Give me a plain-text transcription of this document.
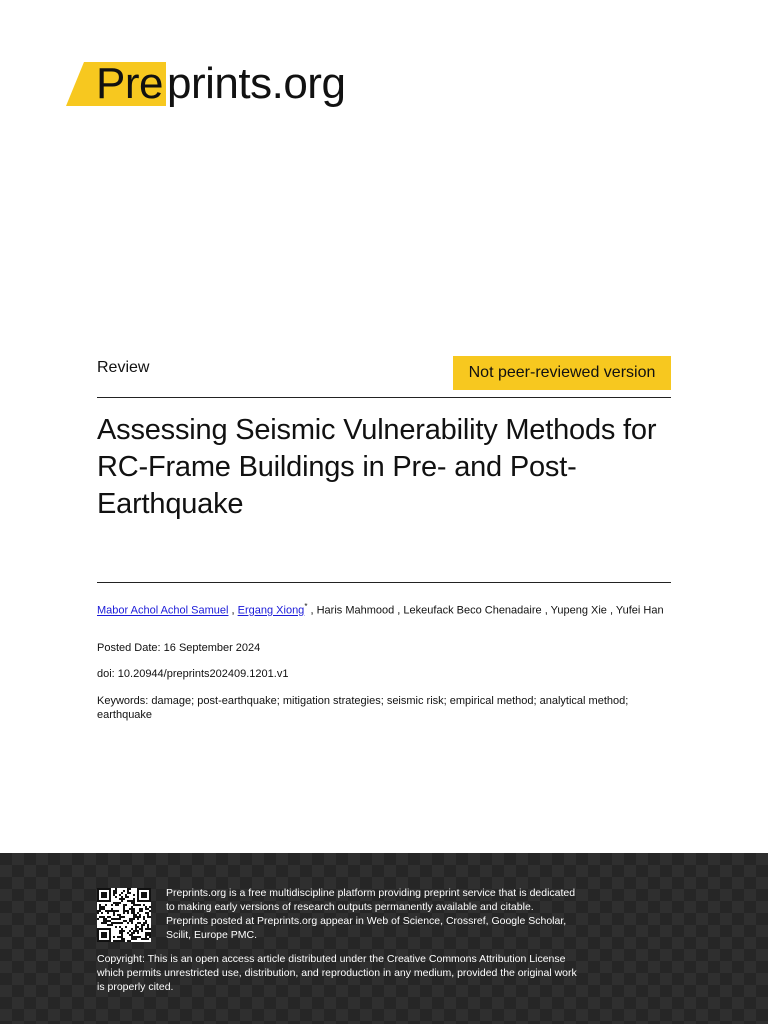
Pre prints.org
Review	Not peer-reviewed version
Assessing Seismic Vulnerability Methods for RC-Frame Buildings in Pre- and Post-Earthquake
Mabor Achol Achol Samuel , Ergang Xiong* , Haris Mahmood , Lekeufack Beco Chenadaire , Yupeng Xie , Yufei Han
Posted Date: 16 September 2024
doi: 10.20944/preprints202409.1201.v1
Keywords: damage; post-earthquake; mitigation strategies; seismic risk; empirical method; analytical method; earthquake
Preprints.org is a free multidiscipline platform providing preprint service that is dedicated to making early versions of research outputs permanently available and citable. Preprints posted at Preprints.org appear in Web of Science, Crossref, Google Scholar, Scilit, Europe PMC.
Copyright: This is an open access article distributed under the Creative Commons Attribution License which permits unrestricted use, distribution, and reproduction in any medium, provided the original work is properly cited.
